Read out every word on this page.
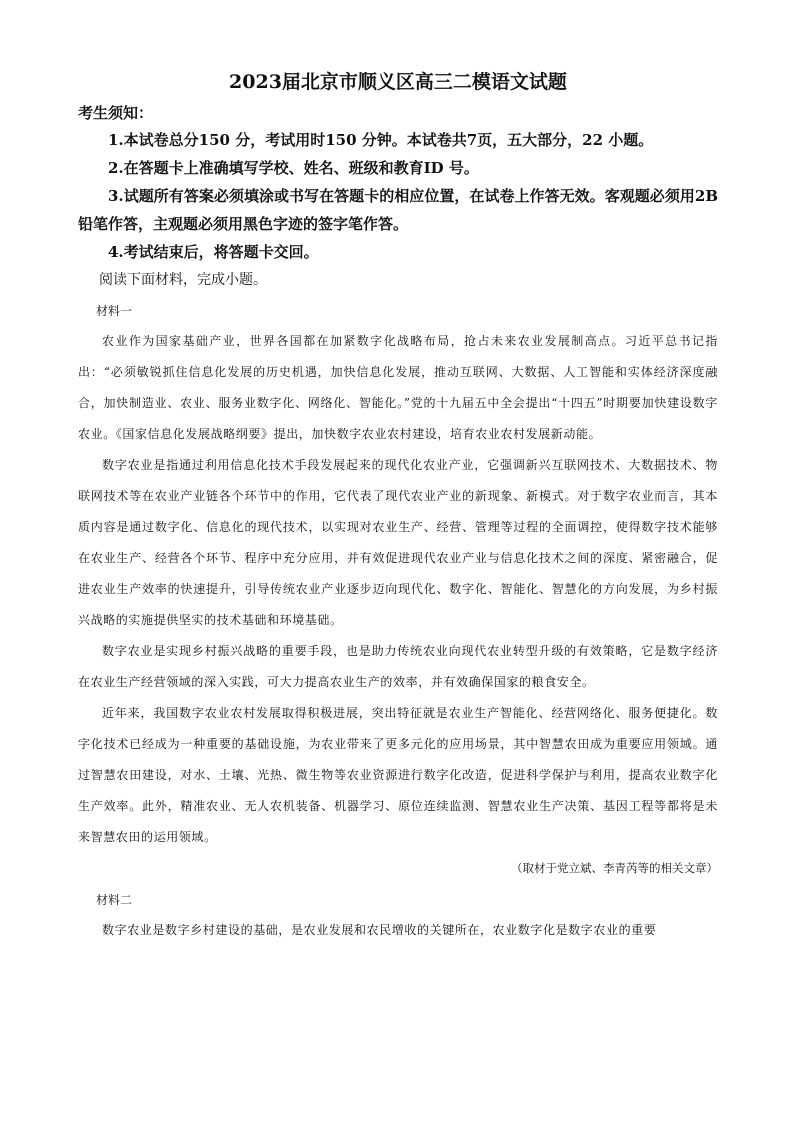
2023届北京市顺义区高三二模语文试题

考生须知：

1.本试卷总分150 分，考试用时150 分钟。本试卷共7页，五大部分，22 小题。

2.在答题卡上准确填写学校、姓名、班级和教育ID 号。

3.试题所有答案必须填涂或书写在答题卡的相应位置，在试卷上作答无效。客观题必须用2B铅笔作答，主观题必须用黑色字迹的签字笔作答。

4.考试结束后，将答题卡交回。

阅读下面材料，完成小题。

材料一

农业作为国家基础产业，世界各国都在加紧数字化战略布局，抢占未来农业发展制高点。习近平总书记指出：“必须敏锐抓住信息化发展的历史机遇，加快信息化发展，推动互联网、大数据、人工智能和实体经济深度融合，加快制造业、农业、服务业数字化、网络化、智能化。”党的十九届五中全会提出“十四五”时期要加快建设数字农业。《国家信息化发展战略纲要》提出，加快数字农业农村建设，培育农业农村发展新动能。

数字农业是指通过利用信息化技术手段发展起来的现代化农业产业，它强调新兴互联网技术、大数据技术、物联网技术等在农业产业链各个环节中的作用，它代表了现代农业产业的新现象、新模式。对于数字农业而言，其本质内容是通过数字化、信息化的现代技术，以实现对农业生产、经营、管理等过程的全面调控，使得数字技术能够在农业生产、经营各个环节、程序中充分应用，并有效促进现代农业产业与信息化技术之间的深度、紧密融合，促进农业生产效率的快速提升，引导传统农业产业逐步迈向现代化、数字化、智能化、智慧化的方向发展，为乡村振兴战略的实施提供坚实的技术基础和环境基础。

数字农业是实现乡村振兴战略的重要手段，也是助力传统农业向现代农业转型升级的有效策略，它是数字经济在农业生产经营领域的深入实践，可大力提高农业生产的效率，并有效确保国家的粮食安全。

近年来，我国数字农业农村发展取得积极进展，突出特征就是农业生产智能化、经营网络化、服务便捷化。数字化技术已经成为一种重要的基础设施，为农业带来了更多元化的应用场景，其中智慧农田成为重要应用领域。通过智慧农田建设，对水、土壤、光热、微生物等农业资源进行数字化改造，促进科学保护与利用，提高农业数字化生产效率。此外，精准农业、无人农机装备、机器学习、原位连续监测、智慧农业生产决策、基因工程等都将是未来智慧农田的运用领域。

（取材于党立斌、李青芮等的相关文章）

材料二

数字农业是数字乡村建设的基础，是农业发展和农民增收的关键所在，农业数字化是数字农业的重要
